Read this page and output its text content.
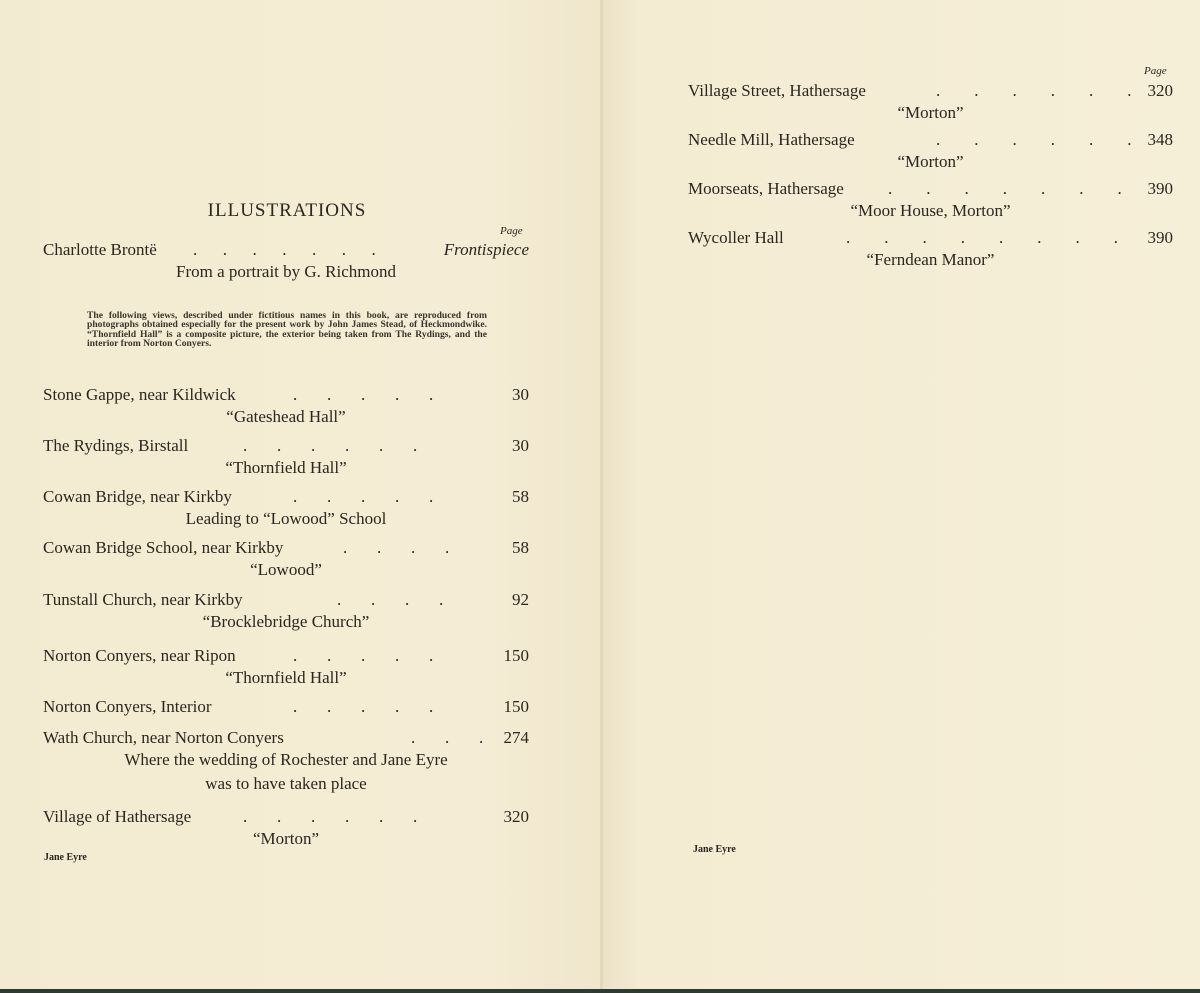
ILLUSTRATIONS
Page
Charlotte Brontë .      .      .      .      .      .      .	Frontispiece
From a portrait by G. Richmond
The following views, described under fictitious names in this book, are reproduced from photographs obtained especially for the present work by John James Stead, of Heckmondwike. “Thornfield Hall” is a composite picture, the exterior being taken from The Rydings, and the interior from Norton Conyers.
Stone Gappe, near Kildwick	.       .       .       .       .	30
“Gateshead Hall”
The Rydings, Birstall	.       .       .       .       .       .	30
“Thornfield Hall”
Cowan Bridge, near Kirkby	.       .       .       .       .	58
Leading to “Lowood” School
Cowan Bridge School, near Kirkby	.       .       .       .	58
“Lowood”
Tunstall Church, near Kirkby	.       .       .       .	92
“Brocklebridge Church”
Norton Conyers, near Ripon	.       .       .       .       .	150
“Thornfield Hall”
Norton Conyers, Interior	.       .       .       .       .	150
Wath Church, near Norton Conyers	.       .       . 274
Where the wedding of Rochester and Jane Eyre
was to have taken place
Village of Hathersage	.       .       .       .       .       .	320
“Morton”
Jane Eyre
Page
Village Street, Hathersage	.        .        .        .        .        . 320
“Morton”
Needle Mill, Hathersage	.        .        .        .        .        . 348
“Morton”
Moorseats, Hathersage	.        .        .        .        .        .        . 390
“Moor House, Morton”
Wycoller Hall	.        .        .        .        .        .        .        . 390
“Ferndean Manor”
Jane Eyre
